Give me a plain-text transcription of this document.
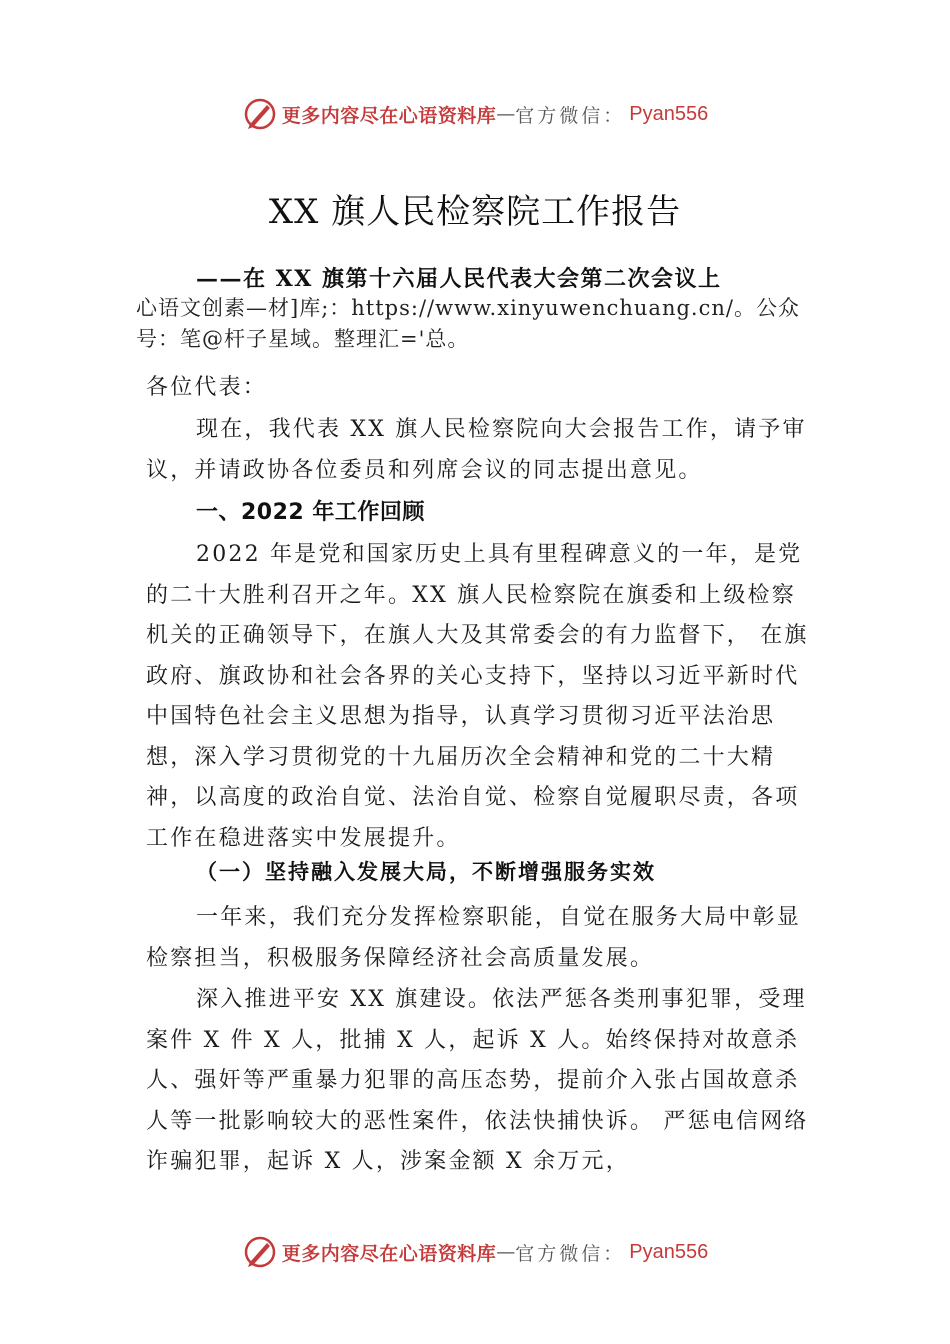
更多内容尽在心语资料库 — 官方微信： Pyan556
XX 旗人民检察院工作报告
——在 XX 旗第十六届人民代表大会第二次会议上
心语文创素—材]库;：https://www.xinyuwenchuang.cn/。公众号：笔@杆子星域。整理汇='总。
各位代表：
现在，我代表 XX 旗人民检察院向大会报告工作，请予审议，并请政协各位委员和列席会议的同志提出意见。
一、2022 年工作回顾
2022 年是党和国家历史上具有里程碑意义的一年，是党的二十大胜利召开之年。XX 旗人民检察院在旗委和上级检察机关的正确领导下，在旗人大及其常委会的有力监督下， 在旗政府、旗政协和社会各界的关心支持下，坚持以习近平新时代中国特色社会主义思想为指导，认真学习贯彻习近平法治思想，深入学习贯彻党的十九届历次全会精神和党的二十大精神，以高度的政治自觉、法治自觉、检察自觉履职尽责，各项工作在稳进落实中发展提升。
（一）坚持融入发展大局，不断增强服务实效
一年来，我们充分发挥检察职能，自觉在服务大局中彰显检察担当，积极服务保障经济社会高质量发展。
深入推进平安 XX 旗建设。依法严惩各类刑事犯罪，受理案件 X 件 X 人，批捕 X 人，起诉 X 人。始终保持对故意杀人、强奸等严重暴力犯罪的高压态势，提前介入张占国故意杀人等一批影响较大的恶性案件，依法快捕快诉。 严惩电信网络诈骗犯罪，起诉 X 人，涉案金额 X 余万元，
更多内容尽在心语资料库 — 官方微信： Pyan556
